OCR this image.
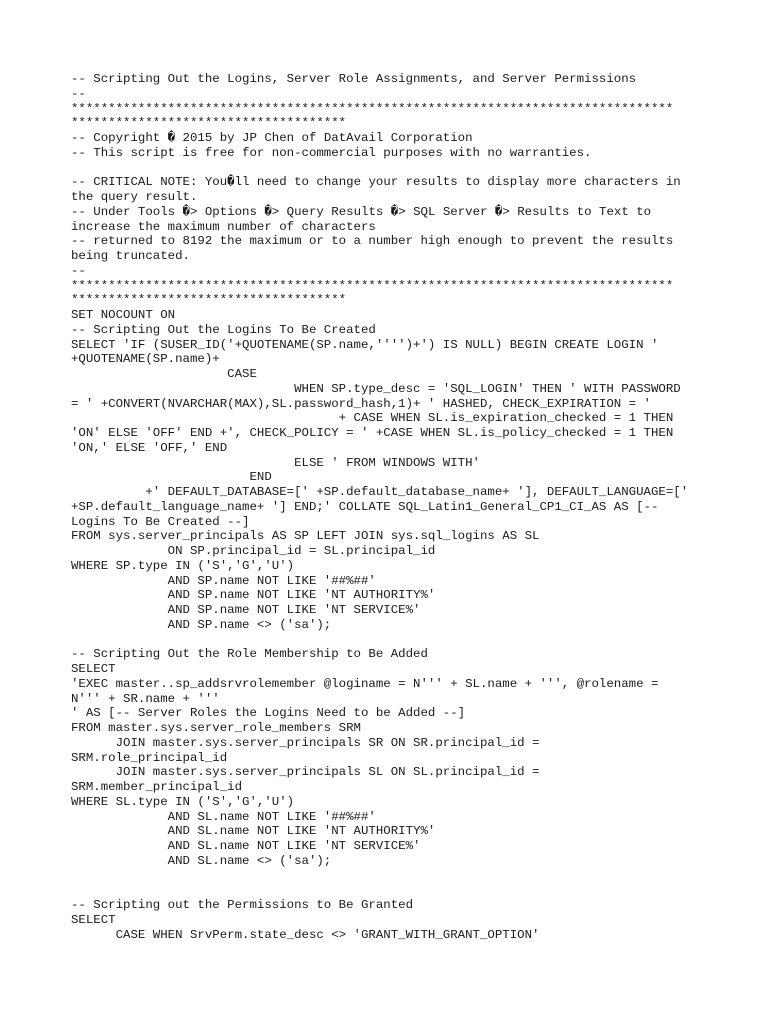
-- Scripting Out the Logins, Server Role Assignments, and Server Permissions
--
*********************************************************************************
*************************************
-- Copyright � 2015 by JP Chen of DatAvail Corporation
-- This script is free for non-commercial purposes with no warranties.
-- CRITICAL NOTE: You�ll need to change your results to display more characters in
the query result.
-- Under Tools �> Options �> Query Results �> SQL Server �> Results to Text to
increase the maximum number of characters
-- returned to 8192 the maximum or to a number high enough to prevent the results
being truncated.
--
*********************************************************************************
*************************************
SET NOCOUNT ON
-- Scripting Out the Logins To Be Created
SELECT 'IF (SUSER_ID('+QUOTENAME(SP.name,'''')+') IS NULL) BEGIN CREATE LOGIN '
+QUOTENAME(SP.name)+
CASE
WHEN SP.type_desc = 'SQL_LOGIN' THEN ' WITH PASSWORD
= ' +CONVERT(NVARCHAR(MAX),SL.password_hash,1)+ ' HASHED, CHECK_EXPIRATION = '
+ CASE WHEN SL.is_expiration_checked = 1 THEN
'ON' ELSE 'OFF' END +', CHECK_POLICY = ' +CASE WHEN SL.is_policy_checked = 1 THEN
'ON,' ELSE 'OFF,' END
ELSE ' FROM WINDOWS WITH'
END
+' DEFAULT_DATABASE=[' +SP.default_database_name+ '], DEFAULT_LANGUAGE=['
+SP.default_language_name+ '] END;' COLLATE SQL_Latin1_General_CP1_CI_AS AS [--
Logins To Be Created --]
FROM sys.server_principals AS SP LEFT JOIN sys.sql_logins AS SL
ON SP.principal_id = SL.principal_id
WHERE SP.type IN ('S','G','U')
AND SP.name NOT LIKE '##%##'
AND SP.name NOT LIKE 'NT AUTHORITY%'
AND SP.name NOT LIKE 'NT SERVICE%'
AND SP.name <> ('sa');
-- Scripting Out the Role Membership to Be Added
SELECT
'EXEC master..sp_addsrvrolemember @loginame = N''' + SL.name + ''', @rolename =
N''' + SR.name + '''
' AS [-- Server Roles the Logins Need to be Added --]
FROM master.sys.server_role_members SRM
JOIN master.sys.server_principals SR ON SR.principal_id =
SRM.role_principal_id
JOIN master.sys.server_principals SL ON SL.principal_id =
SRM.member_principal_id
WHERE SL.type IN ('S','G','U')
AND SL.name NOT LIKE '##%##'
AND SL.name NOT LIKE 'NT AUTHORITY%'
AND SL.name NOT LIKE 'NT SERVICE%'
AND SL.name <> ('sa');
-- Scripting out the Permissions to Be Granted
SELECT
CASE WHEN SrvPerm.state_desc <> 'GRANT_WITH_GRANT_OPTION'
